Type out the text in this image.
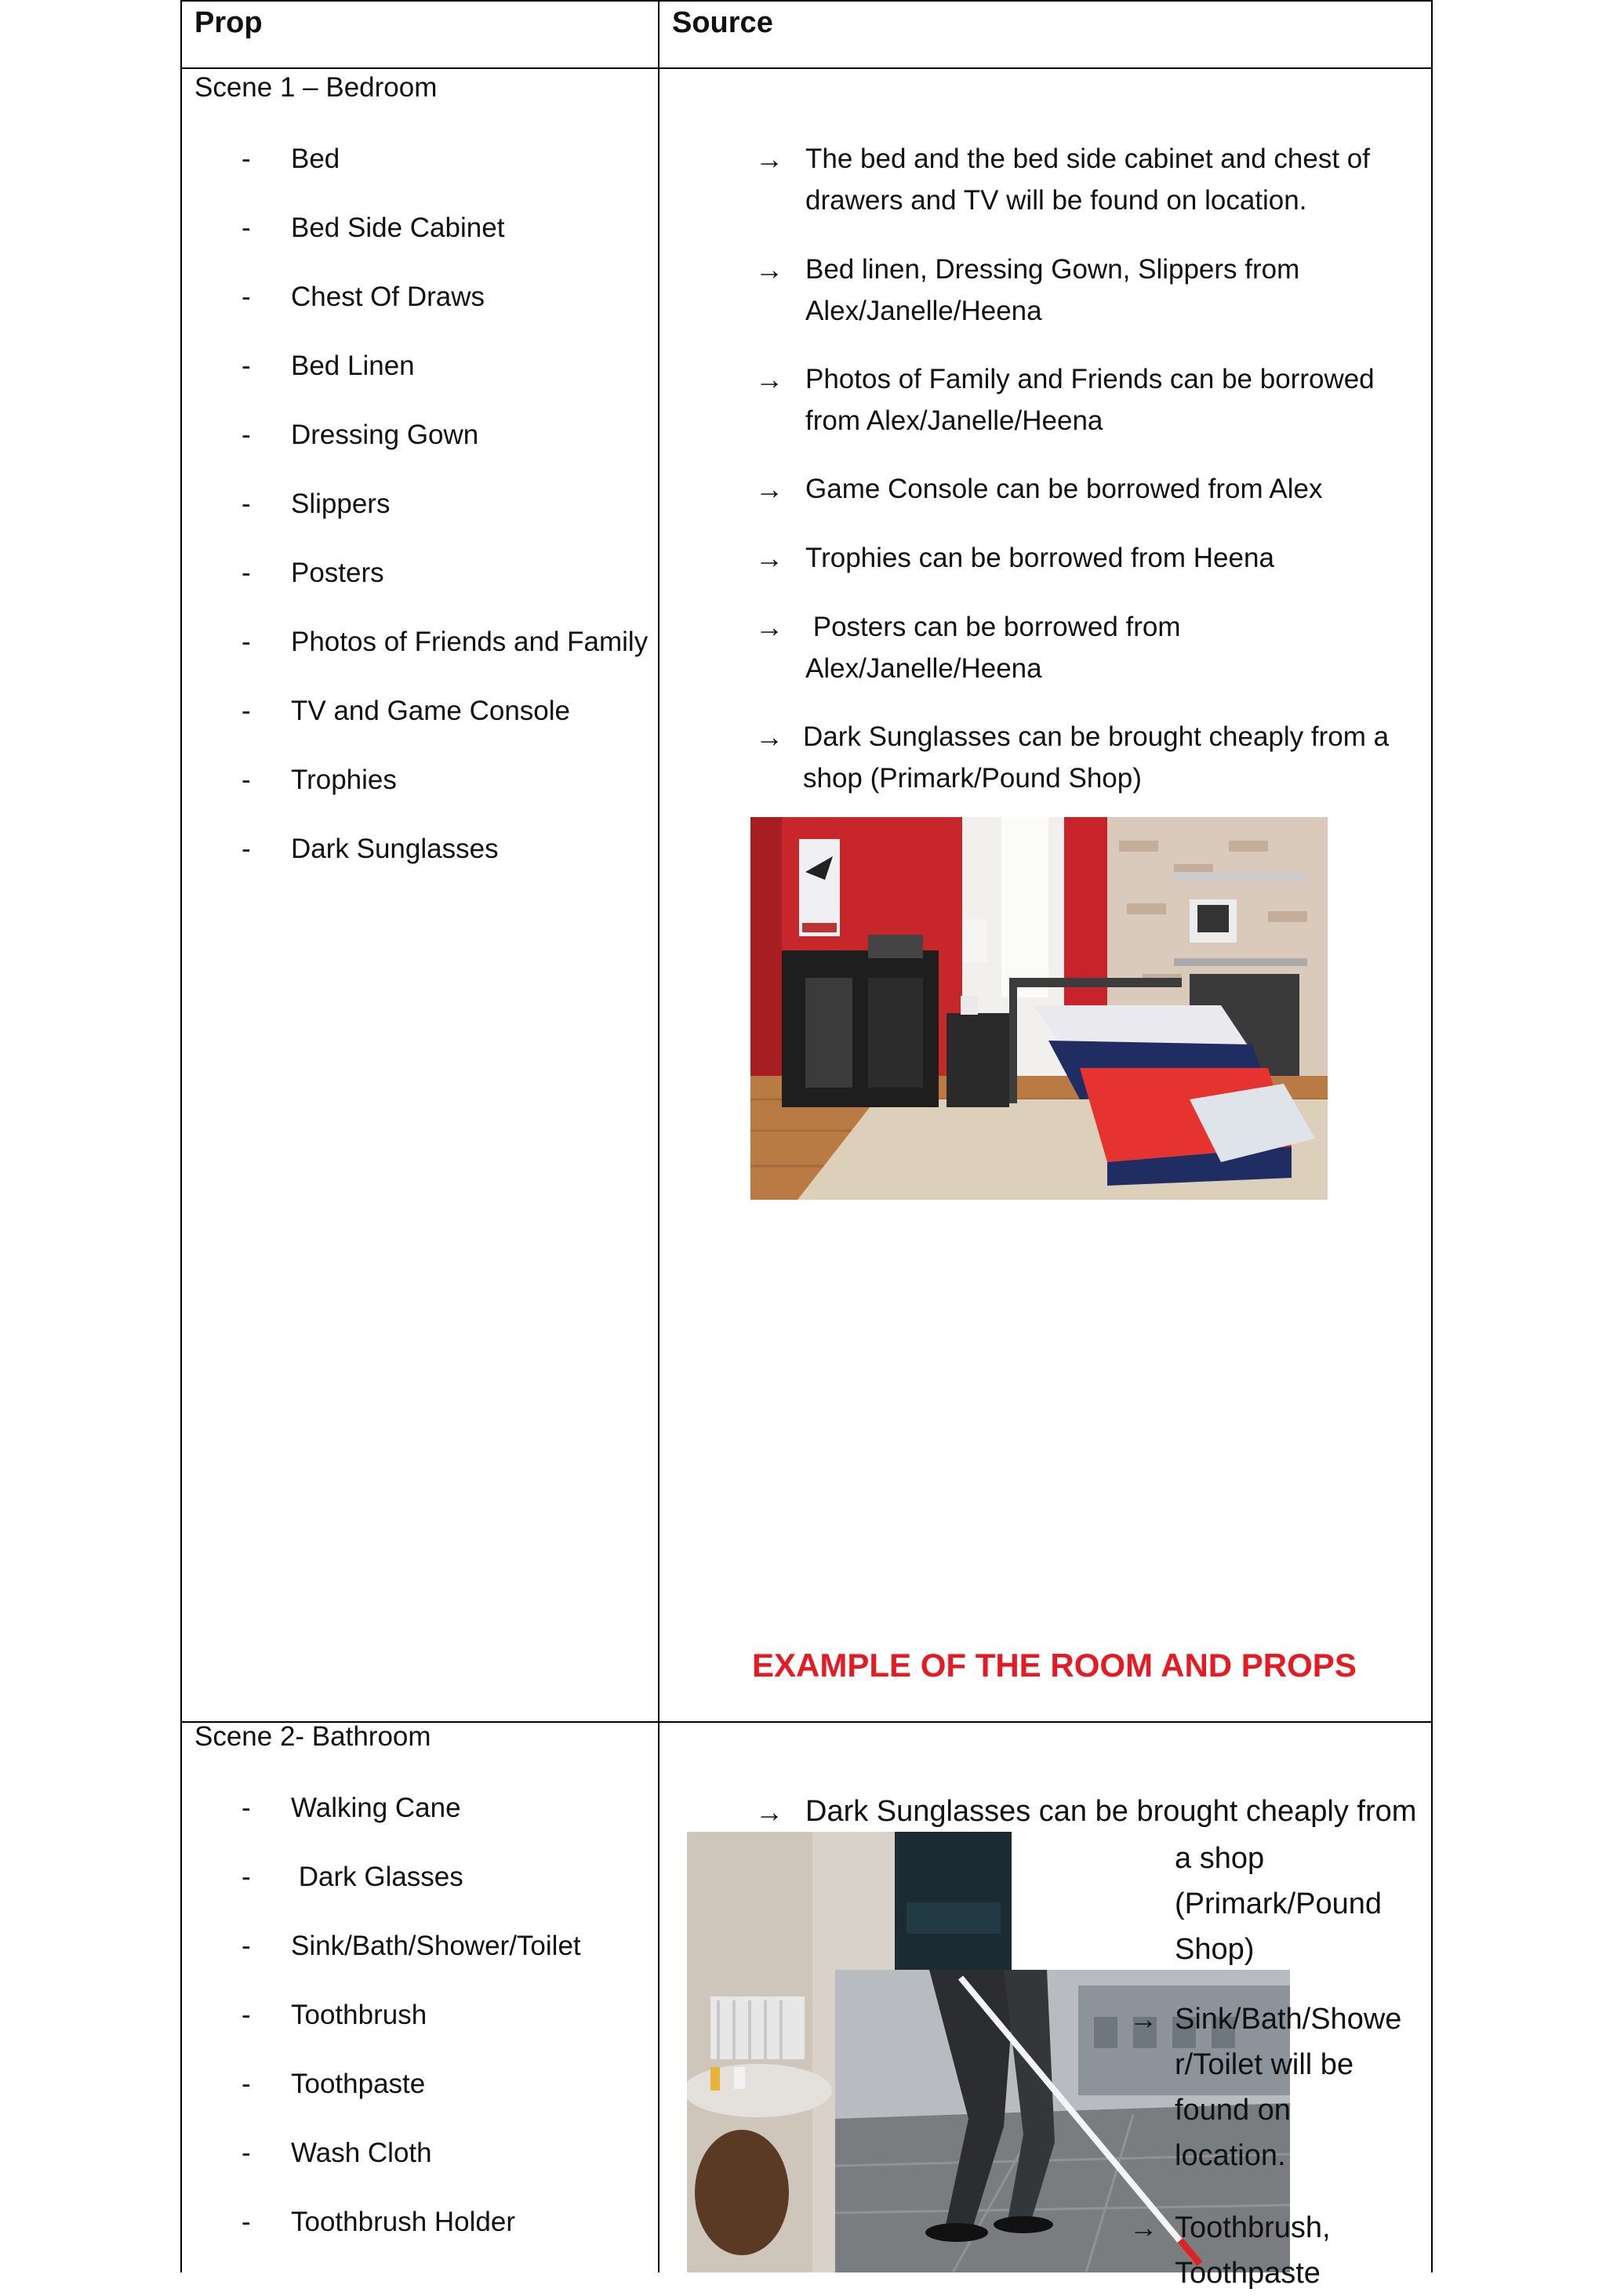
Prop	Source
Scene 1 – Bedroom
- Bed
- Bed Side Cabinet
- Chest Of Draws
- Bed Linen
- Dressing Gown
- Slippers
- Posters
- Photos of Friends and Family
- TV and Game Console
- Trophies
- Dark Sunglasses
→ The bed and the bed side cabinet and chest of
drawers and TV will be found on location.
→ Bed linen, Dressing Gown, Slippers from
Alex/Janelle/Heena
→ Photos of Family and Friends can be borrowed
from Alex/Janelle/Heena
→ Game Console can be borrowed from Alex
→ Trophies can be borrowed from Heena
→ Posters can be borrowed from
Alex/Janelle/Heena
→ Dark Sunglasses can be brought cheaply from a
shop (Primark/Pound Shop)
EXAMPLE OF THE ROOM AND PROPS
Scene 2- Bathroom
- Walking Cane
- Dark Glasses
- Sink/Bath/Shower/Toilet
- Toothbrush
- Toothpaste
- Wash Cloth
- Toothbrush Holder
→ Dark Sunglasses can be brought cheaply from
a shop
(Primark/Pound
Shop)
→ Sink/Bath/Showe
r/Toilet will be
found on
location.
→ Toothbrush,
Toothpaste
